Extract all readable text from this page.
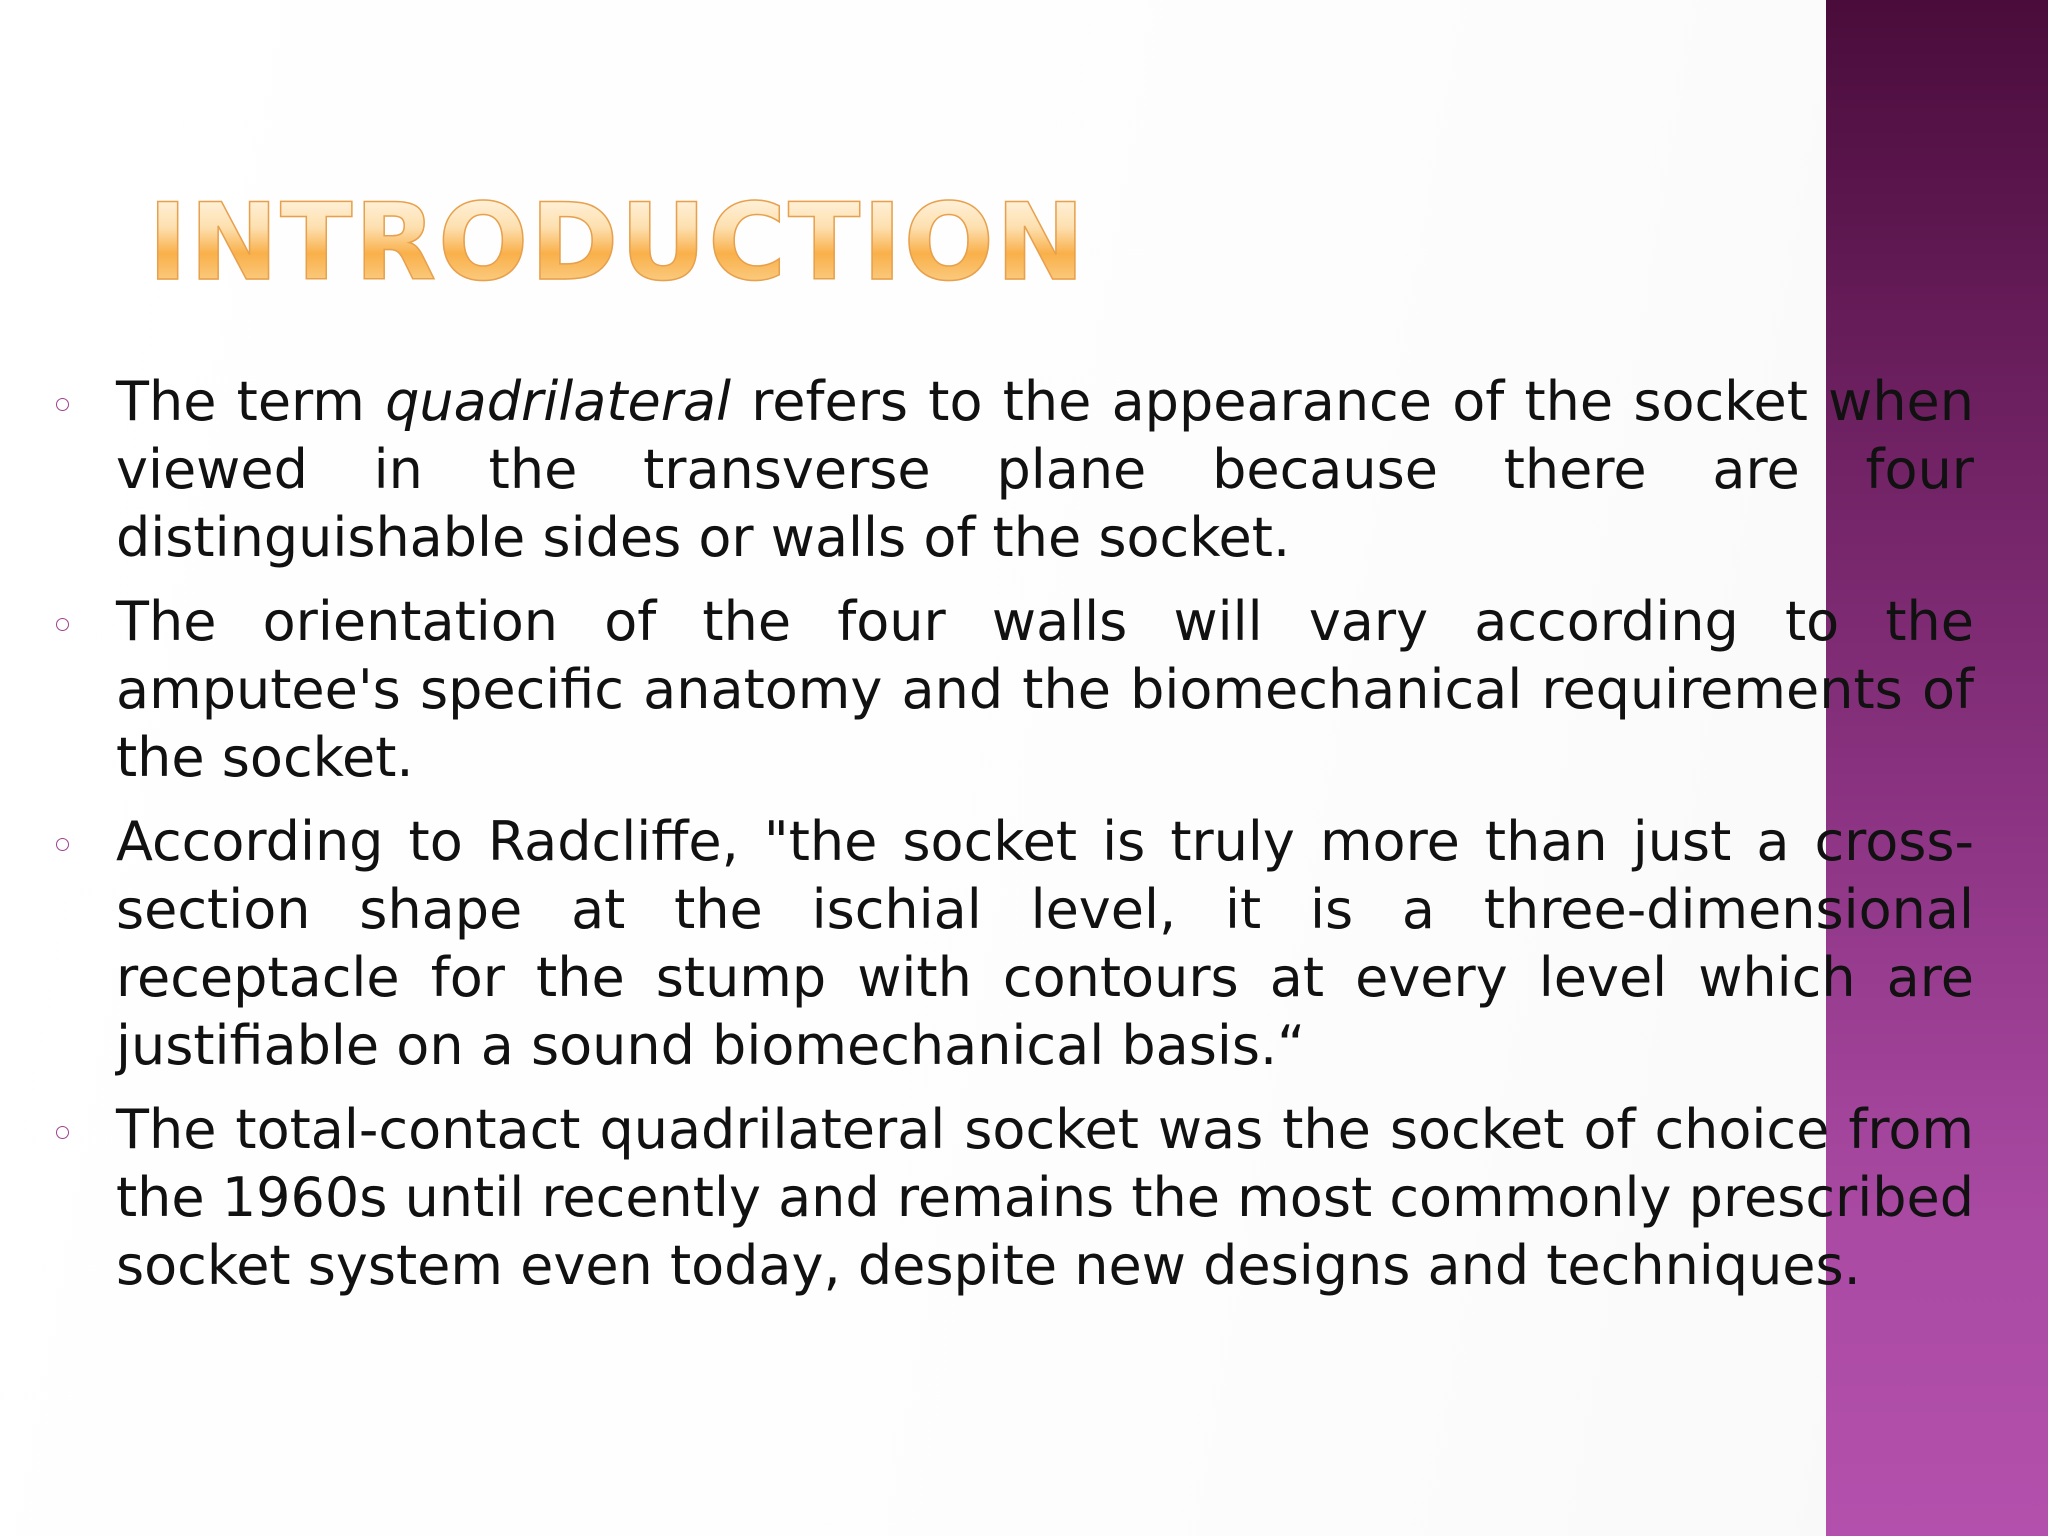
INTRODUCTION
The term quadrilateral refers to the appearance of the socket when viewed in the transverse plane because there are four distinguishable sides or walls of the socket.
The orientation of the four walls will vary according to the amputee's specific anatomy and the biomechanical requirements of the socket.
According to Radcliffe, "the socket is truly more than just a cross-section shape at the ischial level, it is a three-dimensional receptacle for the stump with contours at every level which are justifiable on a sound biomechanical basis.“
The total-contact quadrilateral socket was the socket of choice from the 1960s until recently and remains the most commonly prescribed socket system even today, despite new designs and techniques.
